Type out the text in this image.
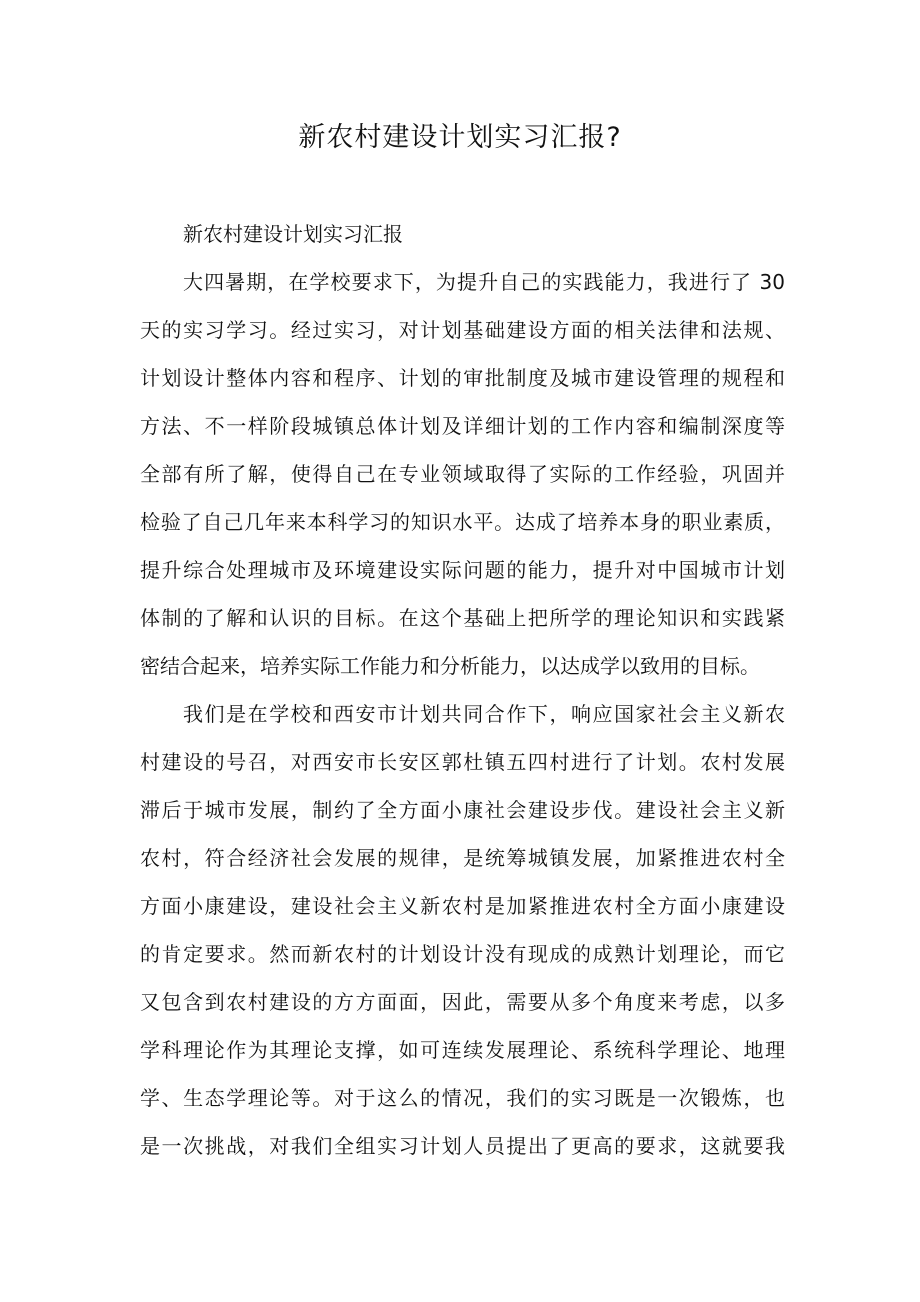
新农村建设计划实习汇报?

新农村建设计划实习汇报

大四暑期，在学校要求下，为提升自己的实践能力，我进行了 30
天的实习学习。经过实习，对计划基础建设方面的相关法律和法规、
计划设计整体内容和程序、计划的审批制度及城市建设管理的规程和
方法、不一样阶段城镇总体计划及详细计划的工作内容和编制深度等
全部有所了解，使得自己在专业领域取得了实际的工作经验，巩固并
检验了自己几年来本科学习的知识水平。达成了培养本身的职业素质，
提升综合处理城市及环境建设实际问题的能力，提升对中国城市计划
体制的了解和认识的目标。在这个基础上把所学的理论知识和实践紧
密结合起来，培养实际工作能力和分析能力，以达成学以致用的目标。

我们是在学校和西安市计划共同合作下，响应国家社会主义新农
村建设的号召，对西安市长安区郭杜镇五四村进行了计划。农村发展
滞后于城市发展，制约了全方面小康社会建设步伐。建设社会主义新
农村，符合经济社会发展的规律，是统筹城镇发展，加紧推进农村全
方面小康建设，建设社会主义新农村是加紧推进农村全方面小康建设
的肯定要求。然而新农村的计划设计没有现成的成熟计划理论，而它
又包含到农村建设的方方面面，因此，需要从多个角度来考虑，以多
学科理论作为其理论支撑，如可连续发展理论、系统科学理论、地理
学、生态学理论等。对于这么的情况，我们的实习既是一次锻炼，也
是一次挑战，对我们全组实习计划人员提出了更高的要求，这就要我
